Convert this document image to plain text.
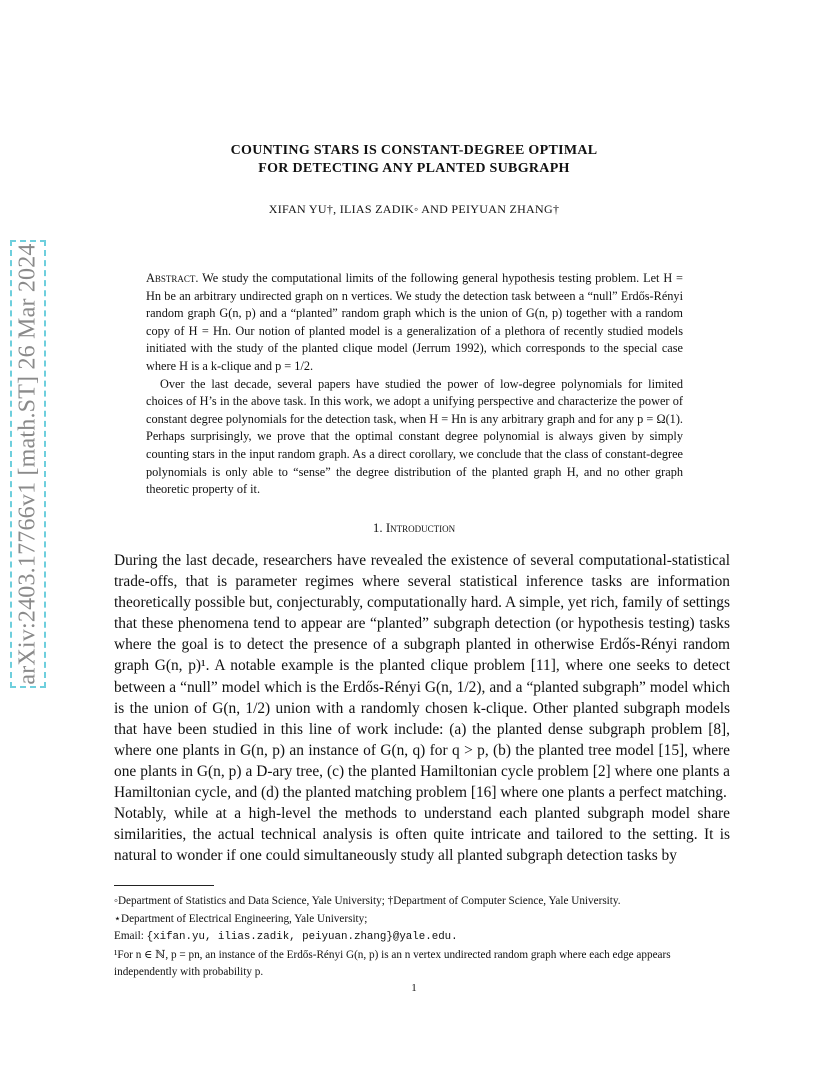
arXiv:2403.17766v1 [math.ST] 26 Mar 2024
COUNTING STARS IS CONSTANT-DEGREE OPTIMAL
FOR DETECTING ANY PLANTED SUBGRAPH
XIFAN YU†, ILIAS ZADIK◦ AND PEIYUAN ZHANG†

Abstract. We study the computational limits of the following general hypothesis testing problem. Let H = Hn be an arbitrary undirected graph on n vertices. We study the detection task between a “null” Erdős-Rényi random graph G(n, p) and a “planted” random graph which is the union of G(n, p) together with a random copy of H = Hn. Our notion of planted model is a generalization of a plethora of recently studied models initiated with the study of the planted clique model (Jerrum 1992), which corresponds to the special case where H is a k-clique and p = 1/2.

Over the last decade, several papers have studied the power of low-degree polynomials for limited choices of H’s in the above task. In this work, we adopt a unifying perspective and characterize the power of constant degree polynomials for the detection task, when H = Hn is any arbitrary graph and for any p = Ω(1). Perhaps surprisingly, we prove that the optimal constant degree polynomial is always given by simply counting stars in the input random graph. As a direct corollary, we conclude that the class of constant-degree polynomials is only able to “sense” the degree distribution of the planted graph H, and no other graph theoretic property of it.

1. Introduction

During the last decade, researchers have revealed the existence of several computational-statistical trade-offs, that is parameter regimes where several statistical inference tasks are information theoretically possible but, conjecturably, computationally hard. A simple, yet rich, family of settings that these phenomena tend to appear are “planted” subgraph detection (or hypothesis testing) tasks where the goal is to detect the presence of a subgraph planted in otherwise Erdős-Rényi random graph G(n, p)¹. A notable example is the planted clique problem [11], where one seeks to detect between a “null” model which is the Erdős-Rényi G(n, 1/2), and a “planted subgraph” model which is the union of G(n, 1/2) union with a randomly chosen k-clique. Other planted subgraph models that have been studied in this line of work include: (a) the planted dense subgraph problem [8], where one plants in G(n, p) an instance of G(n, q) for q > p, (b) the planted tree model [15], where one plants in G(n, p) a D-ary tree, (c) the planted Hamiltonian cycle problem [2] where one plants a Hamiltonian cycle, and (d) the planted matching problem [16] where one plants a perfect matching.

Notably, while at a high-level the methods to understand each planted subgraph model share similarities, the actual technical analysis is often quite intricate and tailored to the setting. It is natural to wonder if one could simultaneously study all planted subgraph detection tasks by

◦Department of Statistics and Data Science, Yale University; †Department of Computer Science, Yale University.
⋆Department of Electrical Engineering, Yale University;
Email: {xifan.yu, ilias.zadik, peiyuan.zhang}@yale.edu.
¹For n ∈ ℕ, p = pn, an instance of the Erdős-Rényi G(n, p) is an n vertex undirected random graph where each edge appears independently with probability p.
1
